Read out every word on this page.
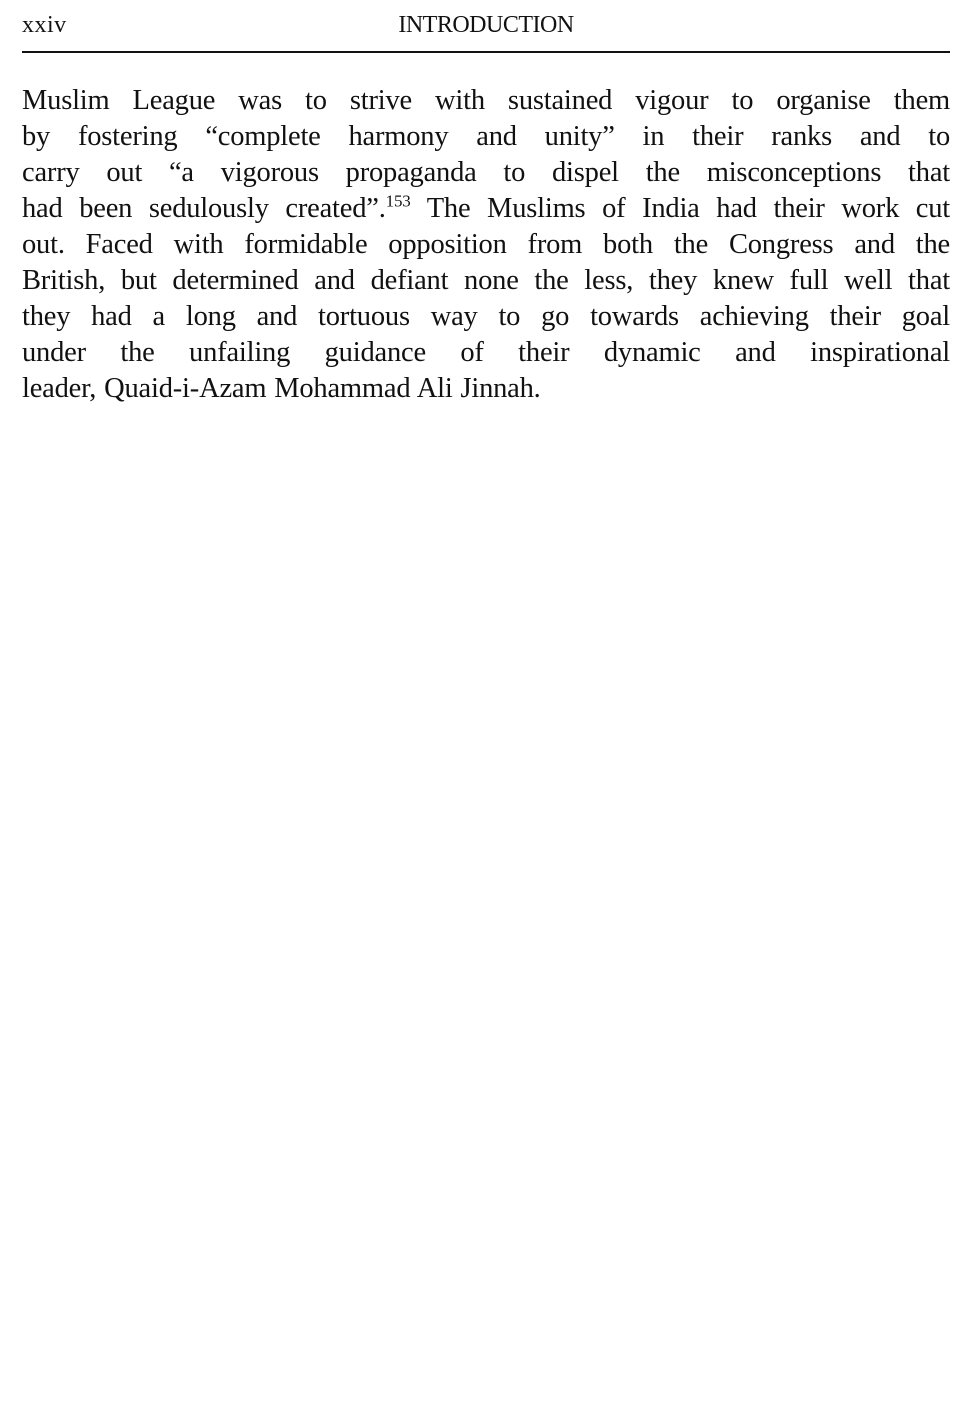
xxiv	INTRODUCTION
Muslim League was to strive with sustained vigour to organise them
by fostering “complete harmony and unity” in their ranks and to
carry out “a vigorous propaganda to dispel the misconceptions that
had been sedulously created”.$^{153}$ The Muslims of India had their work cut
out. Faced with formidable opposition from both the Congress and the
British, but determined and defiant none the less, they knew full well that
they had a long and tortuous way to go towards achieving their goal
under the unfailing guidance of their dynamic and inspirational
leader, Quaid-i-Azam Mohammad Ali Jinnah.
